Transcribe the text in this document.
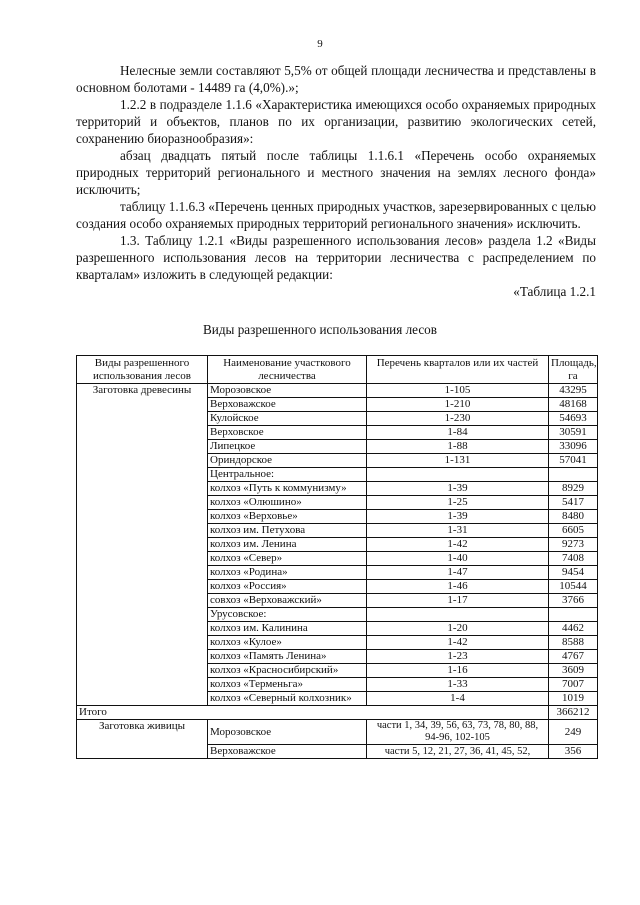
9

Нелесные земли составляют 5,5% от общей площади лесничества и представлены в основном болотами - 14489 га (4,0%).»;

1.2.2 в подразделе 1.1.6 «Характеристика имеющихся особо охраняемых природных территорий и объектов, планов по их организации, развитию экологических сетей, сохранению биоразнообразия»:

абзац двадцать пятый после таблицы 1.1.6.1 «Перечень особо охраняемых природных территорий регионального и местного значения на землях лесного фонда» исключить;

таблицу 1.1.6.3 «Перечень ценных природных участков, зарезервированных с целью создания особо охраняемых природных территорий регионального значения» исключить.

1.3. Таблицу 1.2.1 «Виды разрешенного использования лесов» раздела 1.2 «Виды разрешенного использования лесов на территории лесничества с распределением по кварталам» изложить в следующей редакции:

«Таблица 1.2.1

Виды разрешенного использования лесов
Виды разрешенного использования лесов	Наименование участкового лесничества	Перечень кварталов или их частей	Площадь, га
Заготовка древесины	Морозовское	1-105	43295
	Верховажское	1-210	48168
	Кулойское	1-230	54693
	Верховское	1-84	30591
	Липецкое	1-88	33096
	Ориндорское	1-131	57041
	Центральное:		
	колхоз «Путь к коммунизму»	1-39	8929
	колхоз «Олюшино»	1-25	5417
	колхоз «Верховье»	1-39	8480
	колхоз им. Петухова	1-31	6605
	колхоз им. Ленина	1-42	9273
	колхоз «Север»	1-40	7408
	колхоз «Родина»	1-47	9454
	колхоз «Россия»	1-46	10544
	совхоз «Верховажский»	1-17	3766
	Урусовское:		
	колхоз им. Калинина	1-20	4462
	колхоз «Кулое»	1-42	8588
	колхоз «Память Ленина»	1-23	4767
	колхоз «Красносибирский»	1-16	3609
	колхоз «Терменьга»	1-33	7007
	колхоз «Северный колхозник»	1-4	1019
Итого			366212
Заготовка живицы	Морозовское	части 1, 34, 39, 56, 63, 73, 78, 80, 88, 94-96, 102-105	249
	Верховажское	части 5, 12, 21, 27, 36, 41, 45, 52,	356
